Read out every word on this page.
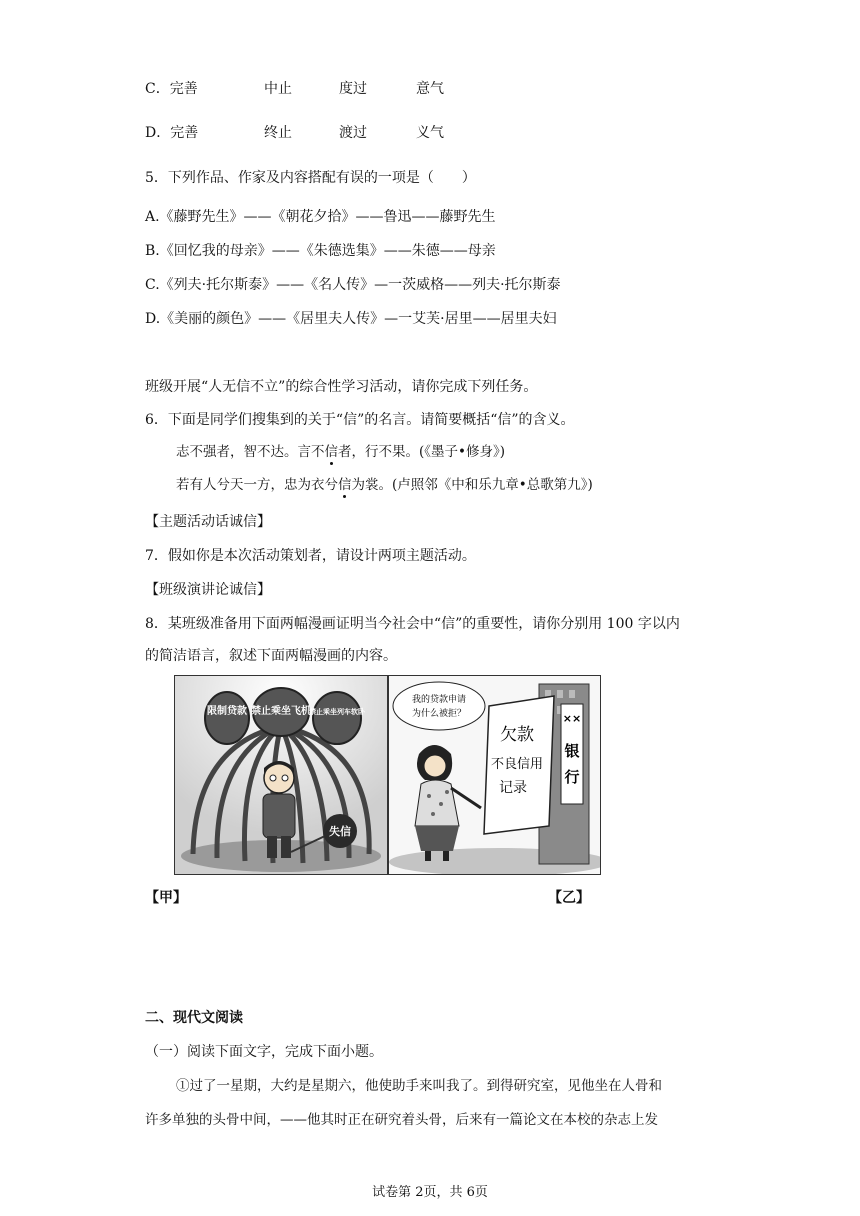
C．完善	中止	度过	意气
D．完善	终止	渡过	义气
5．下列作品、作家及内容搭配有误的一项是（　　）
A.《藤野先生》——《朝花夕拾》——鲁迅——藤野先生
B.《回忆我的母亲》——《朱德选集》——朱德——母亲
C.《列夫·托尔斯泰》——《名人传》—一茨威格——列夫·托尔斯泰
D.《美丽的颜色》——《居里夫人传》—一艾芙·居里——居里夫妇
班级开展“人无信不立”的综合性学习活动，请你完成下列任务。
6．下面是同学们搜集到的关于“信”的名言。请简要概括“信”的含义。
志不强者，智不达。言不信者，行不果。(《墨子•修身》)
若有人兮天一方，忠为衣兮信为裳。(卢照邻《中和乐九章•总歌第九》)
【主题活动话诚信】
7．假如你是本次活动策划者，请设计两项主题活动。
【班级演讲论诚信】
8．某班级准备用下面两幅漫画证明当今社会中“信”的重要性，请你分别用 100 字以内
的简洁语言，叙述下面两幅漫画的内容。
限制贷款 禁止乘坐飞机
禁止乘坐列车软卧
失信
××
银
行
欠款
不良信用
记录
我的贷款申请
为什么被拒？
【甲】	【乙】
二、现代文阅读
（一）阅读下面文字，完成下面小题。
①过了一星期，大约是星期六，他使助手来叫我了。到得研究室，见他坐在人骨和
许多单独的头骨中间，——他其时正在研究着头骨，后来有一篇论文在本校的杂志上发
试卷第 2页，共 6页
